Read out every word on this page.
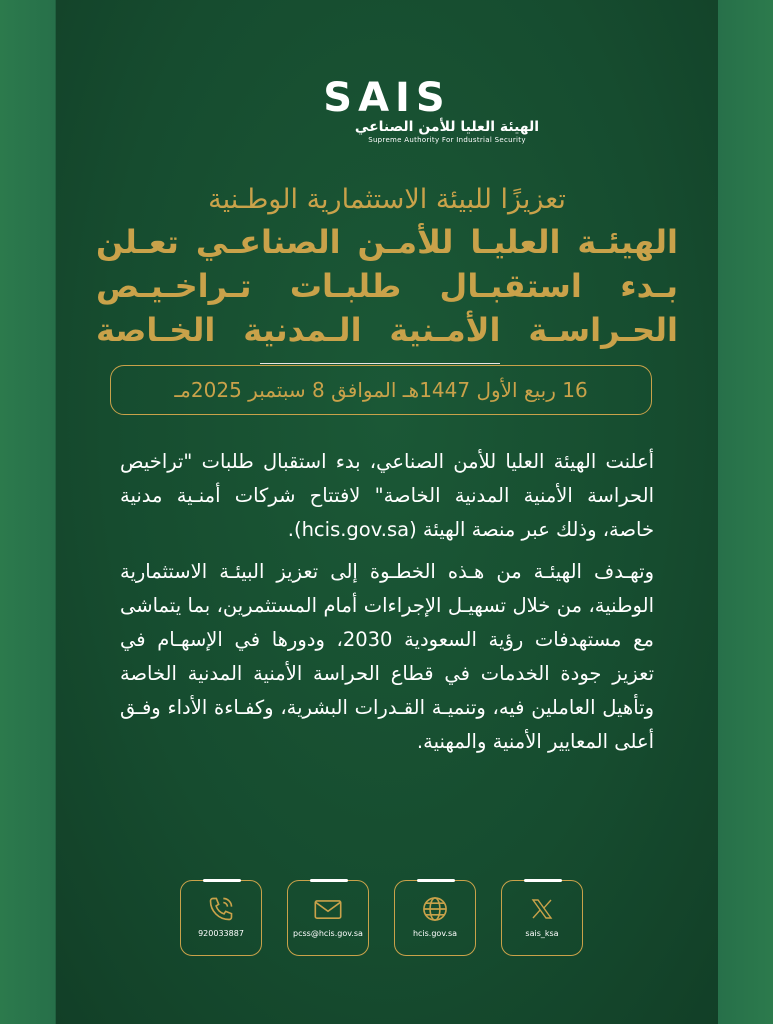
SAIS
الهيئة العليا للأمن الصناعي
Supreme Authority For Industrial Security
تعزيزًا للبيئة الاستثمارية الوطـنية
الهيئـة العليـا للأمـن الصناعـي تعـلن
بـدء استقبـال طلبـات تـراخـيـص
الحـراسـة الأمـنية الـمدنية الخـاصة
16 ربيع الأول 1447هـ الموافق 8 سبتمبر 2025مـ

أعلنت الهيئة العليا للأمن الصناعي، بدء استقبال طلبات "تراخيص الحراسة الأمنية المدنية الخاصة" لافتتاح شركات أمنـية مدنية خاصة، وذلك عبر منصة الهيئة (hcis.gov.sa).

وتهـدف الهيئـة من هـذه الخطـوة إلى تعزيز البيئـة الاستثمارية الوطنية، من خلال تسهيـل الإجراءات أمام المستثمرين، بما يتماشى مع مستهدفات رؤية السعودية 2030، ودورها في الإسهـام في تعزيز جودة الخدمات في قطاع الحراسة الأمنية المدنية الخاصة وتأهيل العاملين فيه، وتنميـة القـدرات البشرية، وكفـاءة الأداء وفـق أعلى المعايير الأمنية والمهنية.

920033887	pcss@hcis.gov.sa	hcis.gov.sa	sais_ksa
